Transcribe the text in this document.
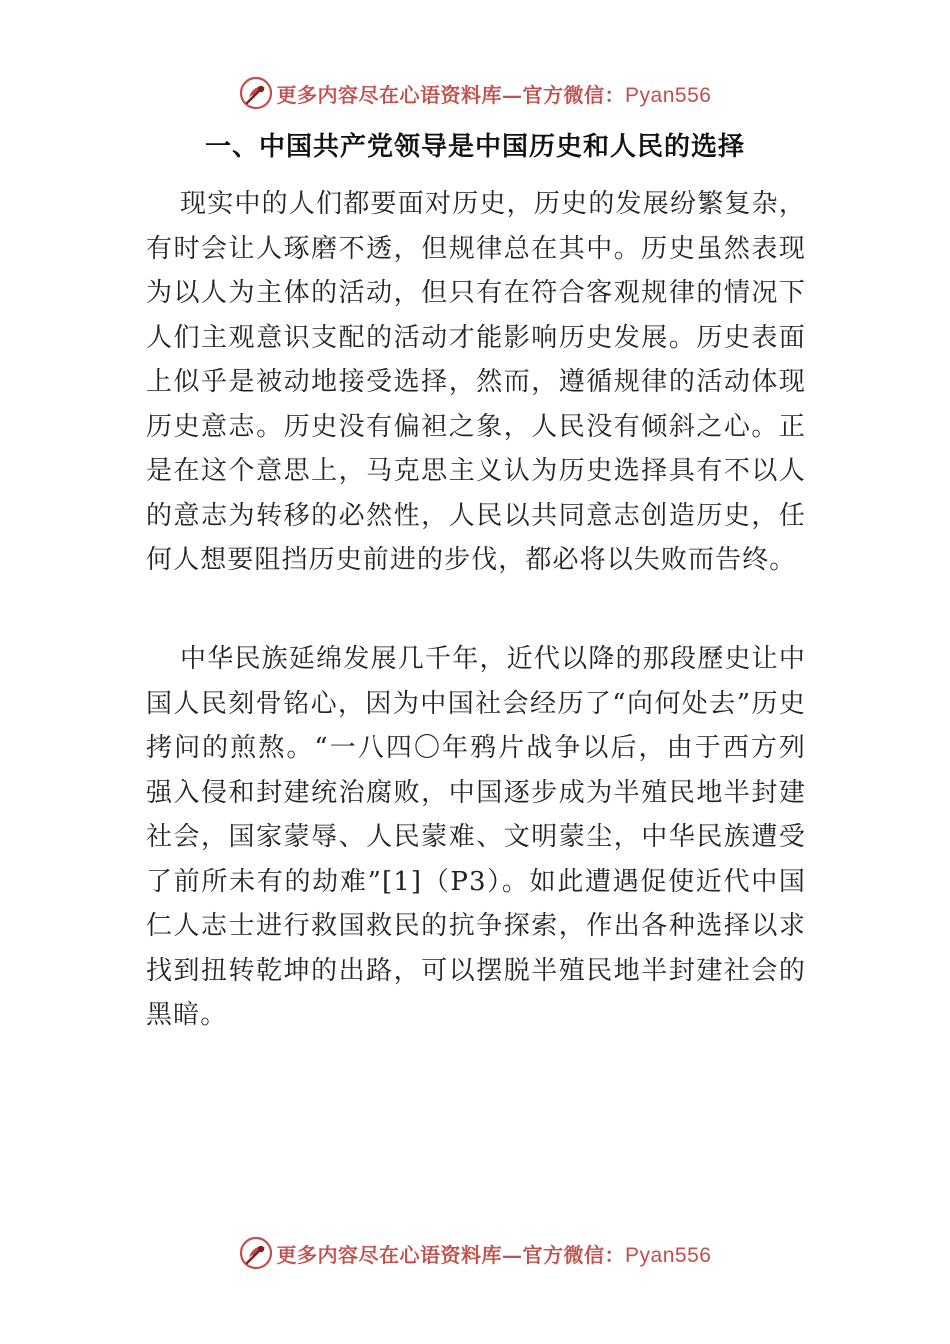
更多内容尽在心语资料库—官方微信：Pyan556
一、中国共产党领导是中国历史和人民的选择

现实中的人们都要面对历史，历史的发展纷繁复杂，有时会让人琢磨不透，但规律总在其中。历史虽然表现为以人为主体的活动，但只有在符合客观规律的情况下人们主观意识支配的活动才能影响历史发展。历史表面上似乎是被动地接受选择，然而，遵循规律的活动体现历史意志。历史没有偏袒之象，人民没有倾斜之心。正是在这个意思上，马克思主义认为历史选择具有不以人的意志为转移的必然性，人民以共同意志创造历史，任何人想要阻挡历史前进的步伐，都必将以失败而告终。

中华民族延绵发展几千年，近代以降的那段歷史让中国人民刻骨铭心，因为中国社会经历了“向何处去”历史拷问的煎熬。“一八四〇年鸦片战争以后，由于西方列强入侵和封建统治腐败，中国逐步成为半殖民地半封建社会，国家蒙辱、人民蒙难、文明蒙尘，中华民族遭受了前所未有的劫难”[1]（P3）。如此遭遇促使近代中国仁人志士进行救国救民的抗争探索，作出各种选择以求找到扭转乾坤的出路，可以摆脱半殖民地半封建社会的黑暗。

更多内容尽在心语资料库—官方微信：Pyan556
